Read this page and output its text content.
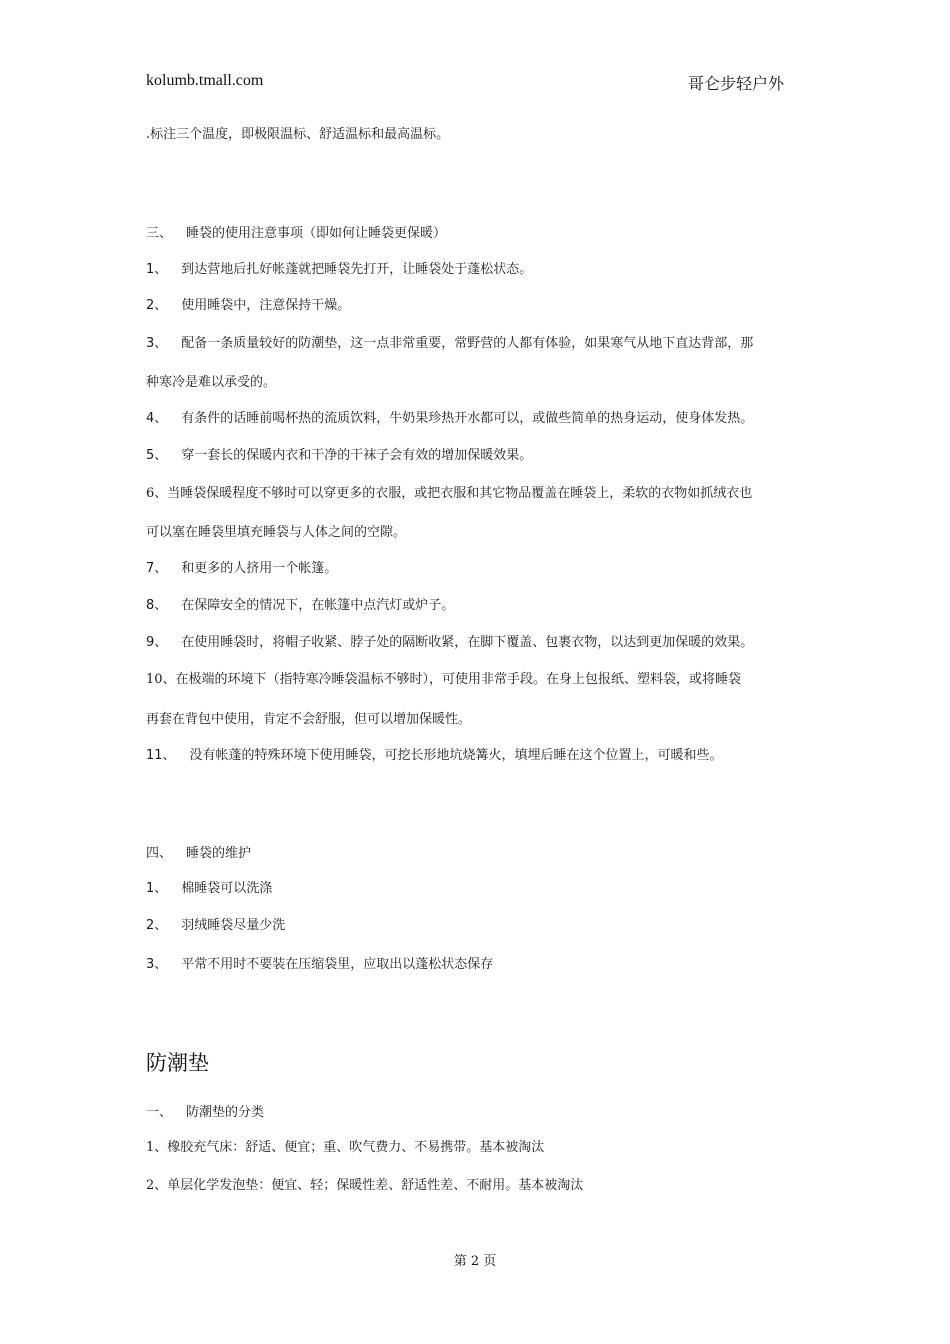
kolumb.tmall.com	哥仑步轻户外
.标注三个温度，即极限温标、舒适温标和最高温标。
三、 睡袋的使用注意事项（即如何让睡袋更保暖）
1、 到达营地后扎好帐蓬就把睡袋先打开，让睡袋处于蓬松状态。
2、 使用睡袋中，注意保持干燥。
3、 配备一条质量较好的防潮垫，这一点非常重要，常野营的人都有体验，如果寒气从地下直达背部，那
种寒冷是难以承受的。
4、 有条件的话睡前喝杯热的流质饮料，牛奶果珍热开水都可以，或做些简单的热身运动，使身体发热。
5、 穿一套长的保暖内衣和干净的干袜子会有效的增加保暖效果。
6、当睡袋保暖程度不够时可以穿更多的衣服，或把衣服和其它物品覆盖在睡袋上，柔软的衣物如抓绒衣也
可以塞在睡袋里填充睡袋与人体之间的空隙。
7、 和更多的人挤用一个帐篷。
8、 在保障安全的情况下，在帐篷中点汽灯或炉子。
9、 在使用睡袋时，将帽子收紧、脖子处的隔断收紧，在脚下覆盖、包裹衣物，以达到更加保暖的效果。
10、在极端的环境下（指特寒冷睡袋温标不够时），可使用非常手段。在身上包报纸、塑料袋，或将睡袋
再套在背包中使用，肯定不会舒服，但可以增加保暖性。
11、 没有帐蓬的特殊环境下使用睡袋，可挖长形地坑烧篝火，填埋后睡在这个位置上，可暖和些。
四、 睡袋的维护
1、 棉睡袋可以洗涤
2、 羽绒睡袋尽量少洗
3、 平常不用时不要装在压缩袋里，应取出以蓬松状态保存
防潮垫
一、 防潮垫的分类
1、橡胶充气床：舒适、便宜；重、吹气费力、不易携带。基本被淘汰
2、单层化学发泡垫：便宜、轻；保暖性差、舒适性差、不耐用。基本被淘汰
第 2 页
